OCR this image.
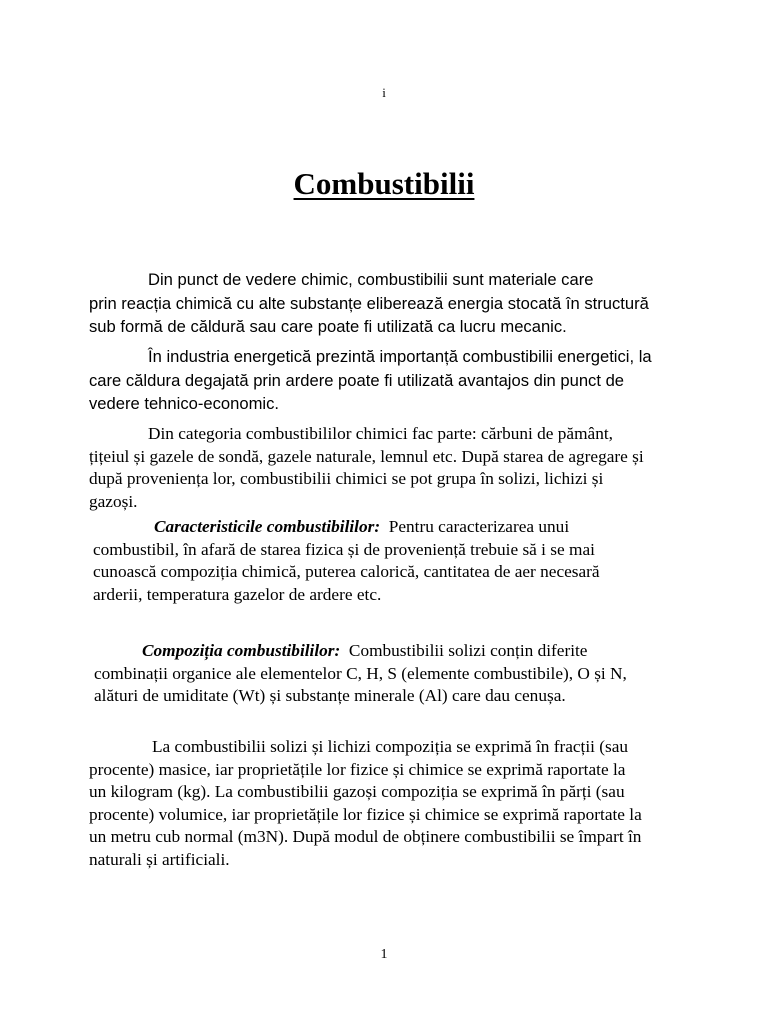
i

Combustibilii
Din punct de vedere chimic, combustibilii sunt materiale care
prin reacția chimică cu alte substanțe eliberează energia stocată în structură
sub formă de căldură sau care poate fi utilizată ca lucru mecanic.
În industria energetică prezintă importanță combustibilii energetici, la
care căldura degajată prin ardere poate fi utilizată avantajos din punct de
vedere tehnico-economic.
Din categoria combustibililor chimici fac parte: cărbuni de pământ,
țițeiul și gazele de sondă, gazele naturale, lemnul etc. După starea de agregare și
după proveniența lor, combustibilii chimici se pot grupa în solizi, lichizi și
gazoși.
Caracteristicile combustibililor: Pentru caracterizarea unui
combustibil, în afară de starea fizica și de proveniență trebuie să i se mai
cunoască compoziția chimică, puterea calorică, cantitatea de aer necesară
arderii, temperatura gazelor de ardere etc.
Compoziția combustibililor: Combustibilii solizi conțin diferite
combinații organice ale elementelor C, H, S (elemente combustibile), O și N,
alături de umiditate (Wt) și substanțe minerale (Al) care dau cenușa.
La combustibilii solizi și lichizi compoziția se exprimă în fracții (sau
procente) masice, iar proprietățile lor fizice și chimice se exprimă raportate la
un kilogram (kg). La combustibilii gazoși compoziția se exprimă în părți (sau
procente) volumice, iar proprietățile lor fizice și chimice se exprimă raportate la
un metru cub normal (m3N). După modul de obținere combustibilii se împart în
naturali și artificiali.

1
